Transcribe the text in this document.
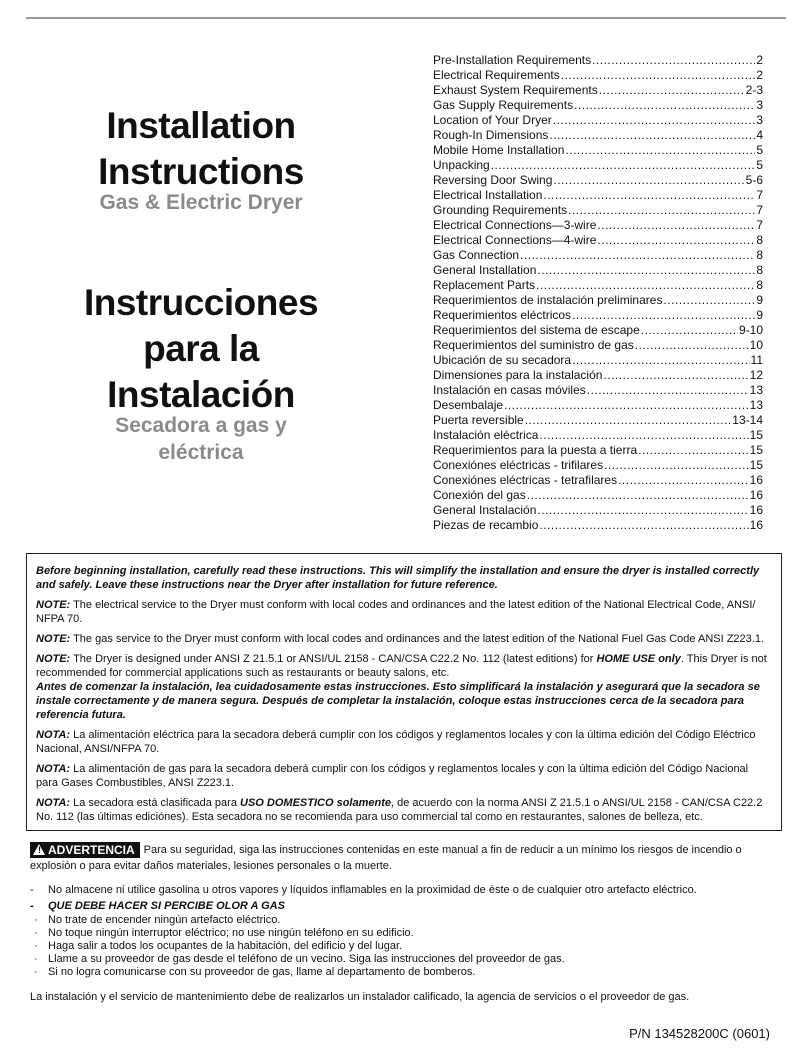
Installation
Instructions
Gas & Electric Dryer
Instrucciones
para la
Instalación
Secadora a gas y
eléctrica
Pre-Installation Requirements .....	2
Electrical Requirements .....	2
Exhaust System Requirements .....	2-3
Gas Supply Requirements .....	3
Location of Your Dryer .....	3
Rough-In Dimensions .....	4
Mobile Home Installation .....	5
Unpacking .....	5
Reversing Door Swing .....	5-6
Electrical Installation .....	7
Grounding Requirements .....	7
Electrical Connections—3-wire .....	7
Electrical Connections—4-wire .....	8
Gas Connection .....	8
General Installation .....	8
Replacement Parts .....	8
Requerimientos de instalación preliminares .....	9
Requerimientos eléctricos .....	9
Requerimientos del sistema de escape .....	9-10
Requerimientos del suministro de gas .....	10
Ubicación de su secadora .....	11
Dimensiones para la instalación .....	12
Instalación en casas móviles .....	13
Desembalaje .....	13
Puerta reversible .....	13-14
Instalación eléctrica .....	15
Requerimientos para la puesta a tierra .....	15
Conexiónes eléctricas - trifilares .....	15
Conexiónes eléctricas - tetrafilares .....	16
Conexión del gas .....	16
General Instalación .....	16
Piezas de recambio .....	16

Before beginning installation, carefully read these instructions. This will simplify the installation and ensure the dryer is installed correctly and safely. Leave these instructions near the Dryer after installation for future reference.

NOTE: The electrical service to the Dryer must conform with local codes and ordinances and the latest edition of the National Electrical Code, ANSI/ NFPA 70.

NOTE: The gas service to the Dryer must conform with local codes and ordinances and the latest edition of the National Fuel Gas Code ANSI Z223.1.

NOTE: The Dryer is designed under ANSI Z 21.5.1 or ANSI/UL 2158 - CAN/CSA C22.2 No. 112 (latest editions) for HOME USE only. This Dryer is not recommended for commercial applications such as restaurants or beauty salons, etc.

Antes de comenzar la instalación, lea cuidadosamente estas instrucciones. Esto simplificará la instalación y asegurará que la secadora se instale correctamente y de manera segura. Después de completar la instalación, coloque estas instrucciones cerca de la secadora para referencia futura.

NOTA: La alimentación eléctrica para la secadora deberá cumplir con los códigos y reglamentos locales y con la última edición del Código Eléctrico Nacional, ANSI/NFPA 70.

NOTA: La alimentación de gas para la secadora deberá cumplir con los códigos y reglamentos locales y con la última edición del Código Nacional para Gases Combustibles, ANSI Z223.1.

NOTA: La secadora está clasificada para USO DOMESTICO solamente, de acuerdo con la norma ANSI Z 21.5.1 o ANSI/UL 2158 - CAN/CSA C22.2 No. 112 (las últimas ediciónes). Esta secadora no se recomienda para uso commercial tal como en restaurantes, salones de belleza, etc.

! ADVERTENCIA Para su seguridad, siga las instrucciones contenidas en este manual a fin de reducir a un mínimo los riesgos de incendio o explosión o para evitar daños materiales, lesiones personales o la muerte.

- No almacene ni utilice gasolina u otros vapores y líquidos inflamables en la proximidad de éste o de cualquier otro artefacto eléctrico.

- QUE DEBE HACER SI PERCIBE OLOR A GAS

· No trate de encender ningún artefacto eléctrico.
· No toque ningún interruptor eléctrico; no use ningún teléfono en su edificio.
· Haga salir a todos los ocupantes de la habitación, del edificio y del lugar.
· Llame a su proveedor de gas desde el teléfono de un vecino. Siga las instrucciones del proveedor de gas.
· Si no logra comunicarse con su proveedor de gas, llame al departamento de bomberos.

La instalación y el servicio de mantenimiento debe de realizarlos un instalador calificado, la agencia de servicios o el proveedor de gas.

P/N 134528200C (0601)
